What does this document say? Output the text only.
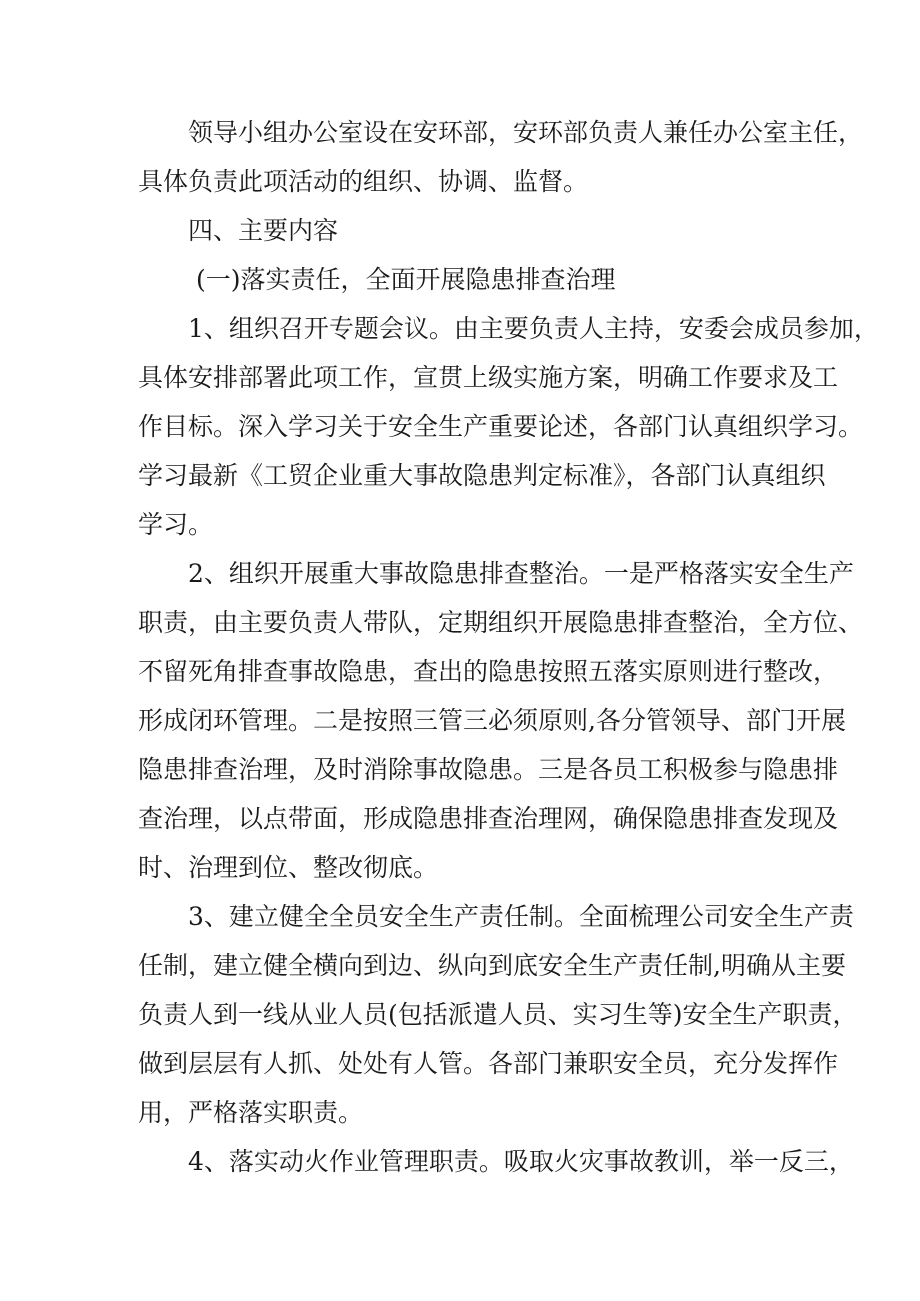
领导小组办公室设在安环部，安环部负责人兼任办公室主任，
具体负责此项活动的组织、协调、监督。
四、主要内容
(一)落实责任，全面开展隐患排查治理
1、组织召开专题会议。由主要负责人主持，安委会成员参加，
具体安排部署此项工作，宣贯上级实施方案，明确工作要求及工
作目标。深入学习关于安全生产重要论述，各部门认真组织学习。
学习最新《工贸企业重大事故隐患判定标准》，各部门认真组织
学习。
2、组织开展重大事故隐患排查整治。一是严格落实安全生产
职责，由主要负责人带队，定期组织开展隐患排查整治，全方位、
不留死角排查事故隐患，查出的隐患按照五落实原则进行整改，
形成闭环管理。二是按照三管三必须原则,各分管领导、部门开展
隐患排查治理，及时消除事故隐患。三是各员工积极参与隐患排
查治理，以点带面，形成隐患排查治理网，确保隐患排查发现及
时、治理到位、整改彻底。
3、建立健全全员安全生产责任制。全面梳理公司安全生产责
任制，建立健全横向到边、纵向到底安全生产责任制,明确从主要
负责人到一线从业人员(包括派遣人员、实习生等)安全生产职责，
做到层层有人抓、处处有人管。各部门兼职安全员，充分发挥作
用，严格落实职责。
4、落实动火作业管理职责。吸取火灾事故教训，举一反三，
